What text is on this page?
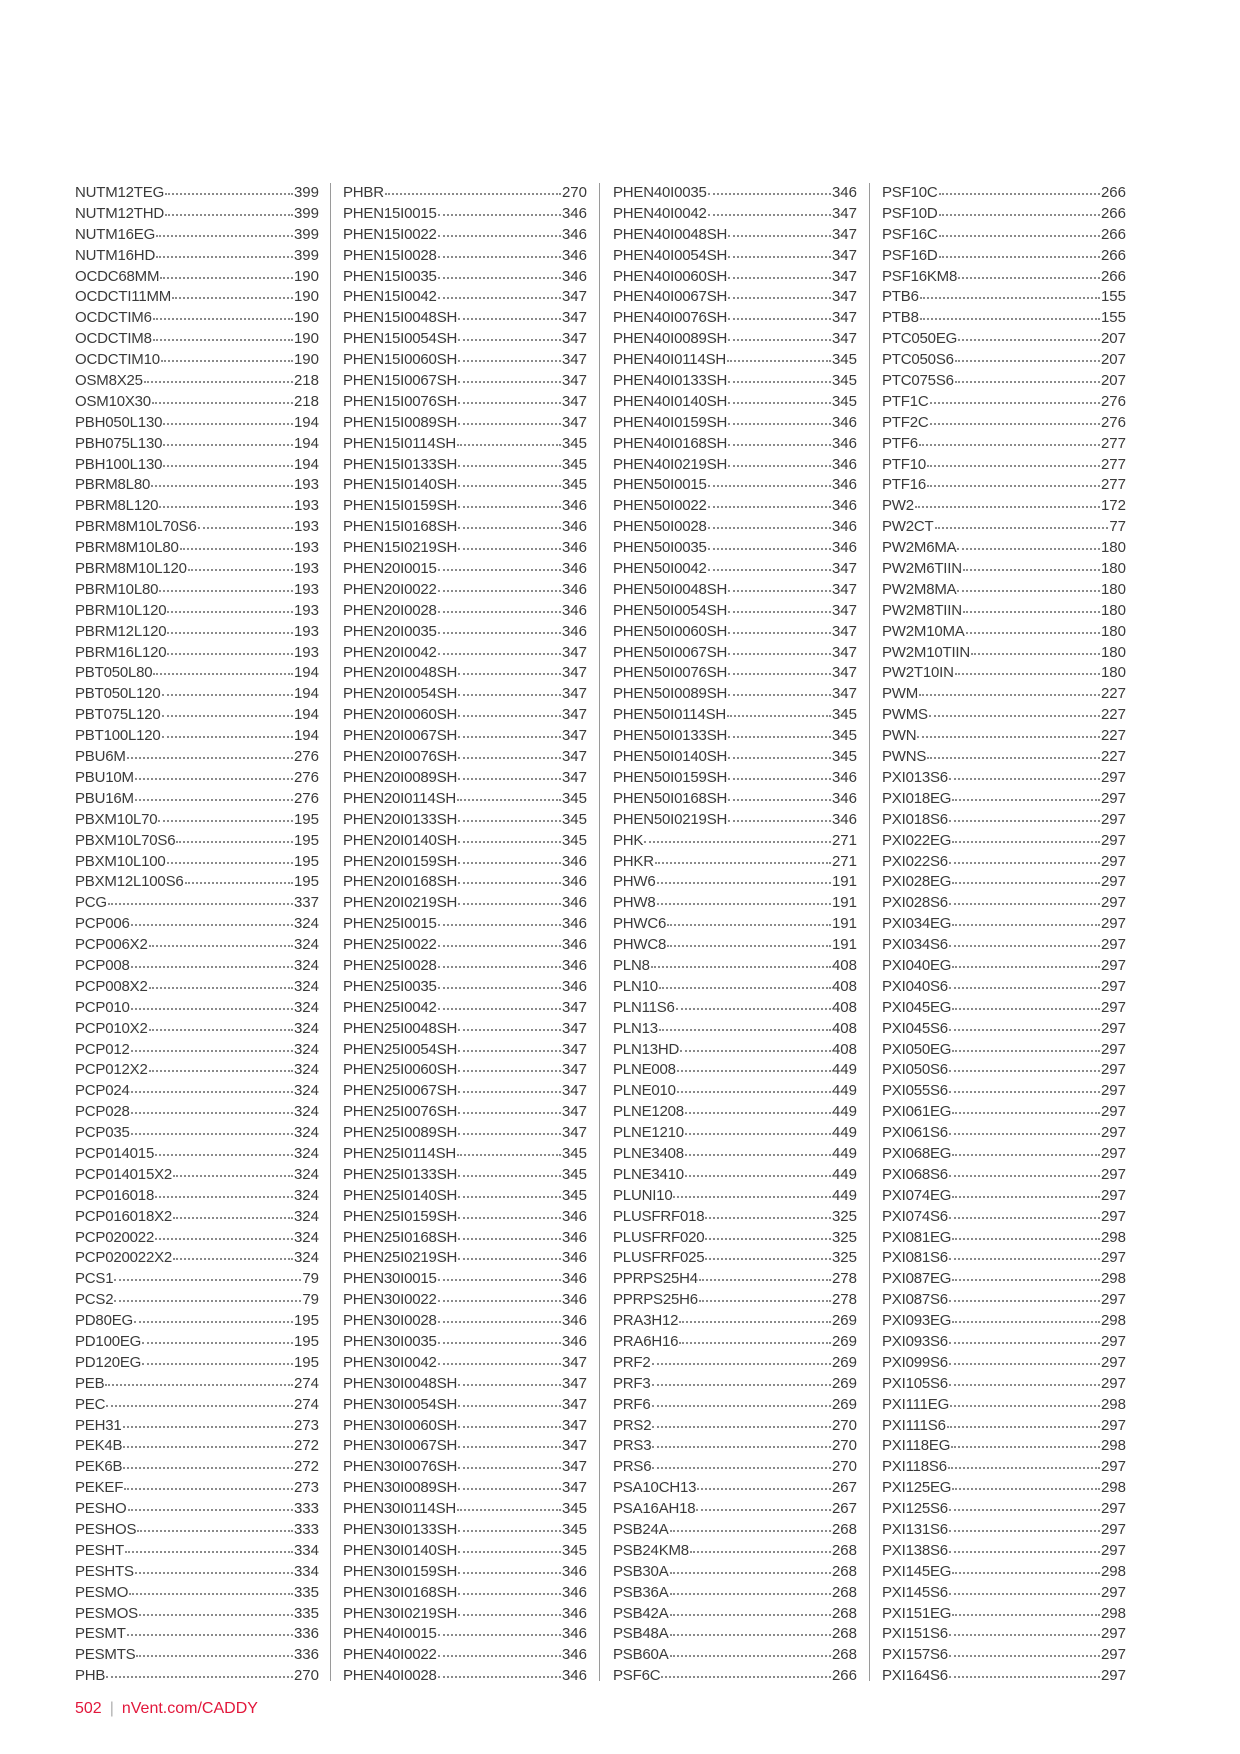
NUTM12TEG	399
NUTM12THD	399
NUTM16EG	399
NUTM16HD	399
OCDC68MM	190
OCDCTI11MM	190
OCDCTIM6	190
OCDCTIM8	190
OCDCTIM10	190
OSM8X25	218
OSM10X30	218
PBH050L130	194
PBH075L130	194
PBH100L130	194
PBRM8L80	193
PBRM8L120	193
PBRM8M10L70S6	193
PBRM8M10L80	193
PBRM8M10L120	193
PBRM10L80	193
PBRM10L120	193
PBRM12L120	193
PBRM16L120	193
PBT050L80	194
PBT050L120	194
PBT075L120	194
PBT100L120	194
PBU6M	276
PBU10M	276
PBU16M	276
PBXM10L70	195
PBXM10L70S6	195
PBXM10L100	195
PBXM12L100S6	195
PCG	337
PCP006	324
PCP006X2	324
PCP008	324
PCP008X2	324
PCP010	324
PCP010X2	324
PCP012	324
PCP012X2	324
PCP024	324
PCP028	324
PCP035	324
PCP014015	324
PCP014015X2	324
PCP016018	324
PCP016018X2	324
PCP020022	324
PCP020022X2	324
PCS1	79
PCS2	79
PD80EG	195
PD100EG	195
PD120EG	195
PEB	274
PEC	274
PEH31	273
PEK4B	272
PEK6B	272
PEKEF	273
PESHO	333
PESHOS	333
PESHT	334
PESHTS	334
PESMO	335
PESMOS	335
PESMT	336
PESMTS	336
PHB	270
PHBR	270
PHEN15I0015	346
PHEN15I0022	346
PHEN15I0028	346
PHEN15I0035	346
PHEN15I0042	347
PHEN15I0048SH	347
PHEN15I0054SH	347
PHEN15I0060SH	347
PHEN15I0067SH	347
PHEN15I0076SH	347
PHEN15I0089SH	347
PHEN15I0114SH	345
PHEN15I0133SH	345
PHEN15I0140SH	345
PHEN15I0159SH	346
PHEN15I0168SH	346
PHEN15I0219SH	346
PHEN20I0015	346
PHEN20I0022	346
PHEN20I0028	346
PHEN20I0035	346
PHEN20I0042	347
PHEN20I0048SH	347
PHEN20I0054SH	347
PHEN20I0060SH	347
PHEN20I0067SH	347
PHEN20I0076SH	347
PHEN20I0089SH	347
PHEN20I0114SH	345
PHEN20I0133SH	345
PHEN20I0140SH	345
PHEN20I0159SH	346
PHEN20I0168SH	346
PHEN20I0219SH	346
PHEN25I0015	346
PHEN25I0022	346
PHEN25I0028	346
PHEN25I0035	346
PHEN25I0042	347
PHEN25I0048SH	347
PHEN25I0054SH	347
PHEN25I0060SH	347
PHEN25I0067SH	347
PHEN25I0076SH	347
PHEN25I0089SH	347
PHEN25I0114SH	345
PHEN25I0133SH	345
PHEN25I0140SH	345
PHEN25I0159SH	346
PHEN25I0168SH	346
PHEN25I0219SH	346
PHEN30I0015	346
PHEN30I0022	346
PHEN30I0028	346
PHEN30I0035	346
PHEN30I0042	347
PHEN30I0048SH	347
PHEN30I0054SH	347
PHEN30I0060SH	347
PHEN30I0067SH	347
PHEN30I0076SH	347
PHEN30I0089SH	347
PHEN30I0114SH	345
PHEN30I0133SH	345
PHEN30I0140SH	345
PHEN30I0159SH	346
PHEN30I0168SH	346
PHEN30I0219SH	346
PHEN40I0015	346
PHEN40I0022	346
PHEN40I0028	346
PHEN40I0035	346
PHEN40I0042	347
PHEN40I0048SH	347
PHEN40I0054SH	347
PHEN40I0060SH	347
PHEN40I0067SH	347
PHEN40I0076SH	347
PHEN40I0089SH	347
PHEN40I0114SH	345
PHEN40I0133SH	345
PHEN40I0140SH	345
PHEN40I0159SH	346
PHEN40I0168SH	346
PHEN40I0219SH	346
PHEN50I0015	346
PHEN50I0022	346
PHEN50I0028	346
PHEN50I0035	346
PHEN50I0042	347
PHEN50I0048SH	347
PHEN50I0054SH	347
PHEN50I0060SH	347
PHEN50I0067SH	347
PHEN50I0076SH	347
PHEN50I0089SH	347
PHEN50I0114SH	345
PHEN50I0133SH	345
PHEN50I0140SH	345
PHEN50I0159SH	346
PHEN50I0168SH	346
PHEN50I0219SH	346
PHK	271
PHKR	271
PHW6	191
PHW8	191
PHWC6	191
PHWC8	191
PLN8	408
PLN10	408
PLN11S6	408
PLN13	408
PLN13HD	408
PLNE008	449
PLNE010	449
PLNE1208	449
PLNE1210	449
PLNE3408	449
PLNE3410	449
PLUNI10	449
PLUSFRF018	325
PLUSFRF020	325
PLUSFRF025	325
PPRPS25H4	278
PPRPS25H6	278
PRA3H12	269
PRA6H16	269
PRF2	269
PRF3	269
PRF6	269
PRS2	270
PRS3	270
PRS6	270
PSA10CH13	267
PSA16AH18	267
PSB24A	268
PSB24KM8	268
PSB30A	268
PSB36A	268
PSB42A	268
PSB48A	268
PSB60A	268
PSF6C	266
PSF10C	266
PSF10D	266
PSF16C	266
PSF16D	266
PSF16KM8	266
PTB6	155
PTB8	155
PTC050EG	207
PTC050S6	207
PTC075S6	207
PTF1C	276
PTF2C	276
PTF6	277
PTF10	277
PTF16	277
PW2	172
PW2CT	77
PW2M6MA	180
PW2M6TIIN	180
PW2M8MA	180
PW2M8TIIN	180
PW2M10MA	180
PW2M10TIIN	180
PW2T10IN	180
PWM	227
PWMS	227
PWN	227
PWNS	227
PXI013S6	297
PXI018EG	297
PXI018S6	297
PXI022EG	297
PXI022S6	297
PXI028EG	297
PXI028S6	297
PXI034EG	297
PXI034S6	297
PXI040EG	297
PXI040S6	297
PXI045EG	297
PXI045S6	297
PXI050EG	297
PXI050S6	297
PXI055S6	297
PXI061EG	297
PXI061S6	297
PXI068EG	297
PXI068S6	297
PXI074EG	297
PXI074S6	297
PXI081EG	298
PXI081S6	297
PXI087EG	298
PXI087S6	297
PXI093EG	298
PXI093S6	297
PXI099S6	297
PXI105S6	297
PXI111EG	298
PXI111S6	297
PXI118EG	298
PXI118S6	297
PXI125EG	298
PXI125S6	297
PXI131S6	297
PXI138S6	297
PXI145EG	298
PXI145S6	297
PXI151EG	298
PXI151S6	297
PXI157S6	297
PXI164S6	297
502 | nVent.com/CADDY
